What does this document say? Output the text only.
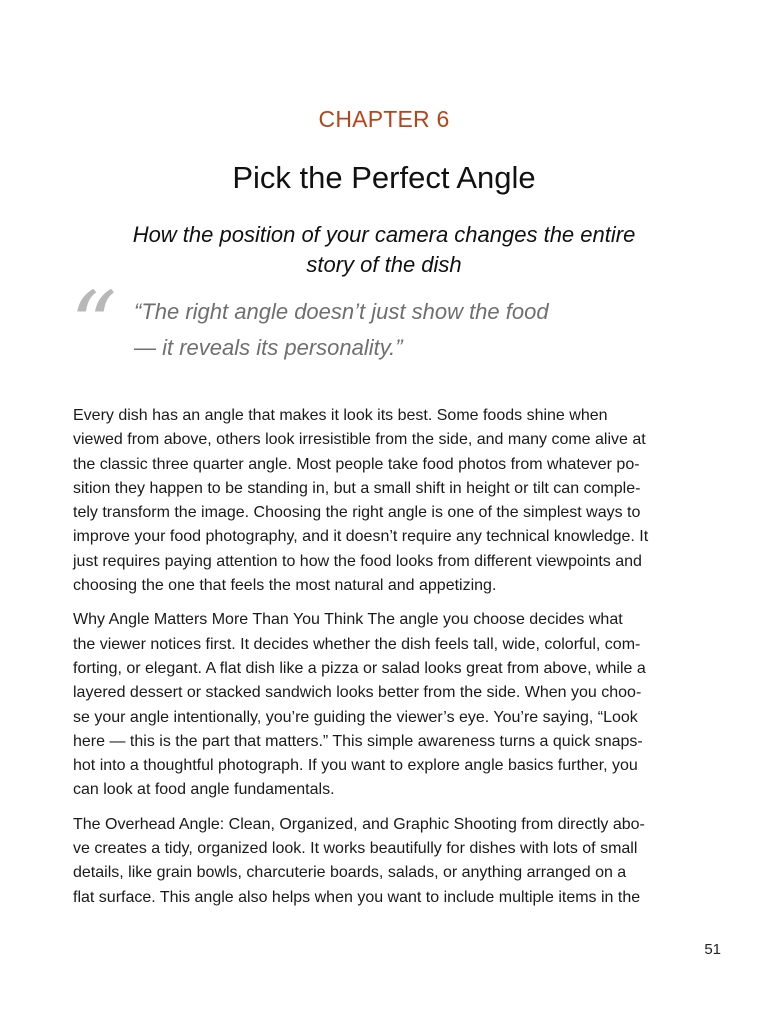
CHAPTER 6
Pick the Perfect Angle
How the position of your camera changes the entire
story of the dish
“ “The right angle doesn’t just show the food
— it reveals its personality.”

Every dish has an angle that makes it look its best. Some foods shine when
viewed from above, others look irresistible from the side, and many come alive at
the classic three quarter angle. Most people take food photos from whatever po-
sition they happen to be standing in, but a small shift in height or tilt can comple-
tely transform the image. Choosing the right angle is one of the simplest ways to
improve your food photography, and it doesn’t require any technical knowledge. It
just requires paying attention to how the food looks from different viewpoints and
choosing the one that feels the most natural and appetizing.

Why Angle Matters More Than You Think The angle you choose decides what
the viewer notices first. It decides whether the dish feels tall, wide, colorful, com-
forting, or elegant. A flat dish like a pizza or salad looks great from above, while a
layered dessert or stacked sandwich looks better from the side. When you choo-
se your angle intentionally, you’re guiding the viewer’s eye. You’re saying, “Look
here — this is the part that matters.” This simple awareness turns a quick snaps-
hot into a thoughtful photograph. If you want to explore angle basics further, you
can look at food angle fundamentals.

The Overhead Angle: Clean, Organized, and Graphic Shooting from directly abo-
ve creates a tidy, organized look. It works beautifully for dishes with lots of small
details, like grain bowls, charcuterie boards, salads, or anything arranged on a
flat surface. This angle also helps when you want to include multiple items in the

51
